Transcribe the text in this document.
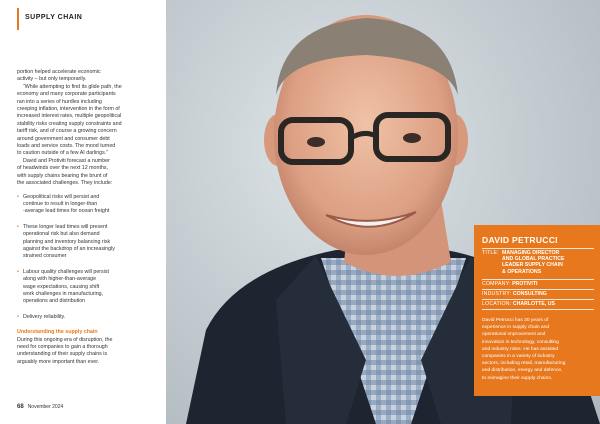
SUPPLY CHAIN

portion helped accelerate economic
activity – but only temporarily.

“While attempting to find its glide path, the
economy and many corporate participants
ran into a series of hurdles including
creeping inflation, intervention in the form of
increased interest rates, multiple geopolitical
stability risks creating supply constraints and
tariff risk, and of course a growing concern
around government and consumer debt
loads and service costs. The mood turned
to caution outside of a few AI darlings.”

David and Protiviti forecast a number
of headwinds over the next 12 months,
with supply chains bearing the brunt of
the associated challenges. They include:

• Geopolitical risks will persist and
continue to result in longer-than
-average lead times for ocean freight
• These longer lead times will present
operational risk but also demand
planning and inventory balancing risk
against the backdrop of an increasingly
strained consumer
• Labour quality challenges will persist
along with higher-than-average
wage expectations, causing shift
work challenges in manufacturing,
operations and distribution
• Delivery reliability.

Understanding the supply chain

During this ongoing era of disruption, the
need for companies to gain a thorough
understanding of their supply chains is
arguably more important than ever.

68 November 2024
DAVID PETRUCCI
TITLE: MANAGING DIRECTOR
AND GLOBAL PRACTICE
LEADER SUPPLY CHAIN
& OPERATIONS
COMPANY: PROTIVITI
INDUSTRY: CONSULTING
LOCATION: CHARLOTTE, US
David Petrucci has 30 years of
experience in supply chain and
operational improvement and
innovation in technology, consulting
and industry roles. He has assisted
companies in a variety of industry
sectors, including retail, manufacturing
and distribution, energy and defence,
to reimagine their supply chains.
